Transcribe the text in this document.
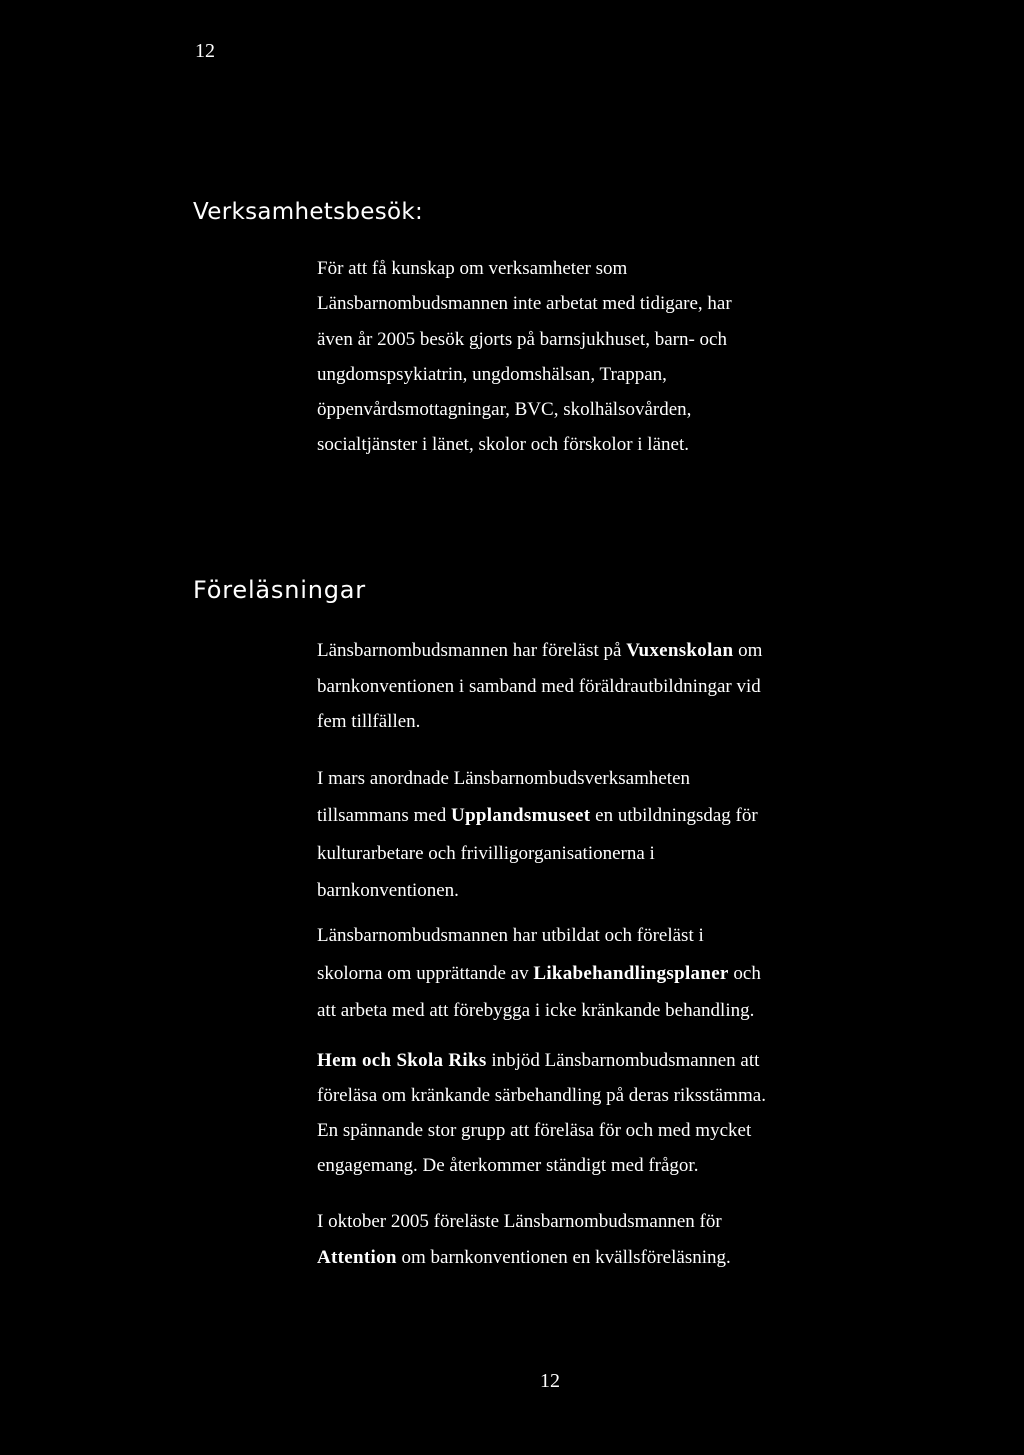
12
Verksamhetsbesök:
För att få kunskap om verksamheter som
Länsbarnombudsmannen inte arbetat med tidigare, har
även år 2005 besök gjorts på barnsjukhuset, barn- och
ungdomspsykiatrin, ungdomshälsan, Trappan,
öppenvårdsmottagningar, BVC, skolhälsovården,
socialtjänster i länet, skolor och förskolor i länet.
Föreläsningar
Länsbarnombudsmannen har föreläst på Vuxenskolan om
barnkonventionen i samband med föräldrautbildningar vid
fem tillfällen.
I mars anordnade Länsbarnombudsverksamheten
tillsammans med Upplandsmuseet en utbildningsdag för
kulturarbetare och frivilligorganisationerna i
barnkonventionen.
Länsbarnombudsmannen har utbildat och föreläst i
skolorna om upprättande av Likabehandlingsplaner och
att arbeta med att förebygga i icke kränkande behandling.
Hem och Skola Riks inbjöd Länsbarnombudsmannen att
föreläsa om kränkande särbehandling på deras riksstämma.
En spännande stor grupp att föreläsa för och med mycket
engagemang. De återkommer ständigt med frågor.
I oktober 2005 föreläste Länsbarnombudsmannen för
Attention om barnkonventionen en kvällsföreläsning.
12
